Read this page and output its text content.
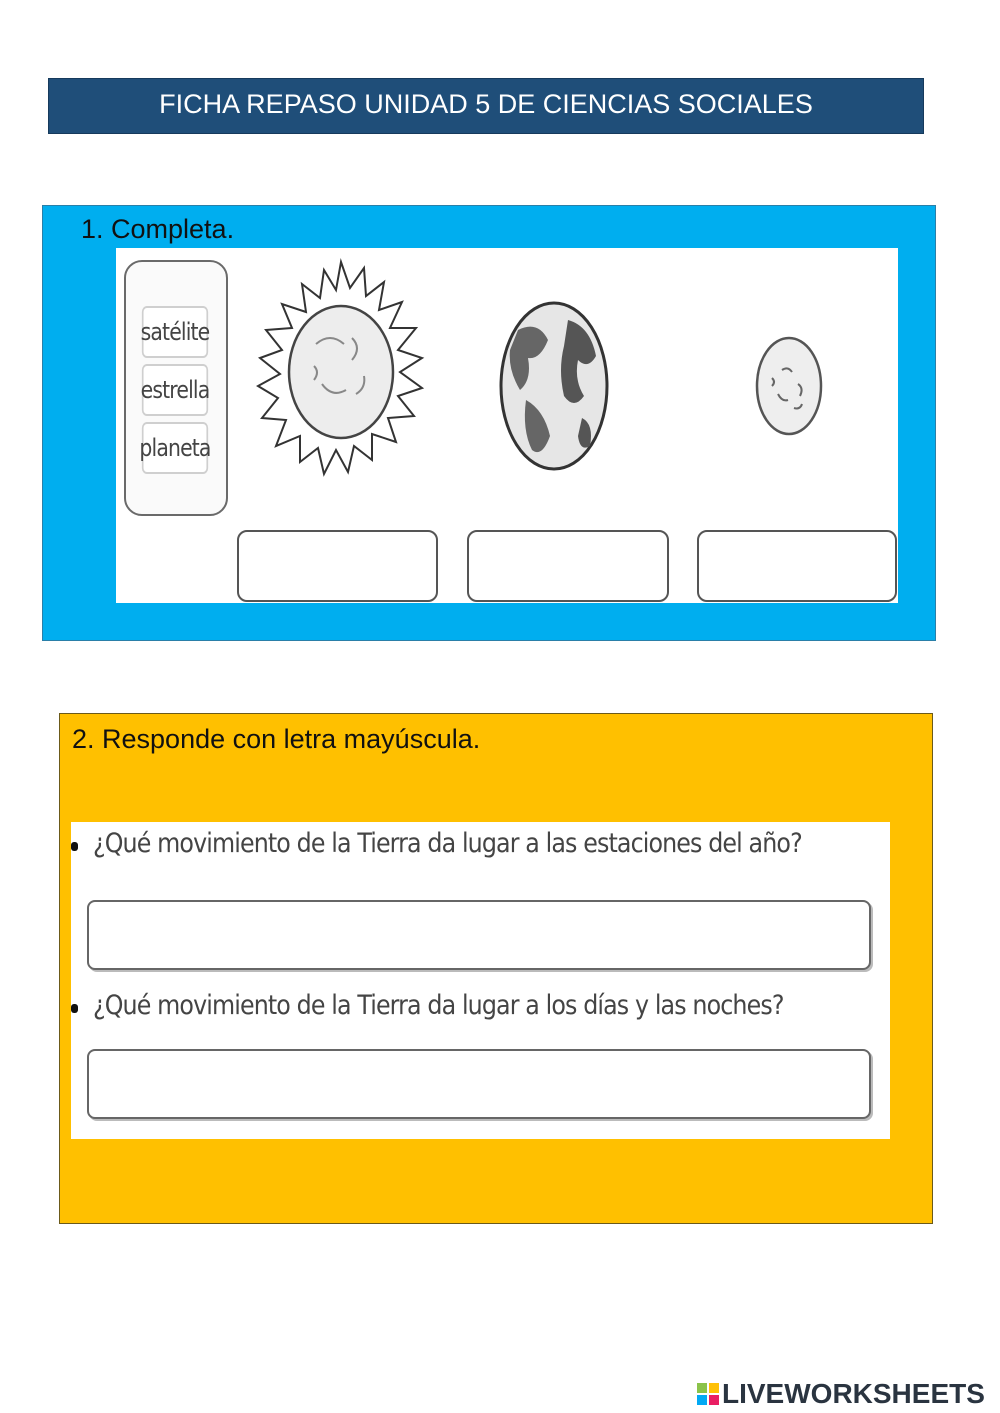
FICHA REPASO UNIDAD 5 DE CIENCIAS SOCIALES
1. Completa.
satélite
estrella
planeta
2. Responde con letra mayúscula.
¿Qué movimiento de la Tierra da lugar a las estaciones del año?
¿Qué movimiento de la Tierra da lugar a los días y las noches?
LIVEWORKSHEETS
